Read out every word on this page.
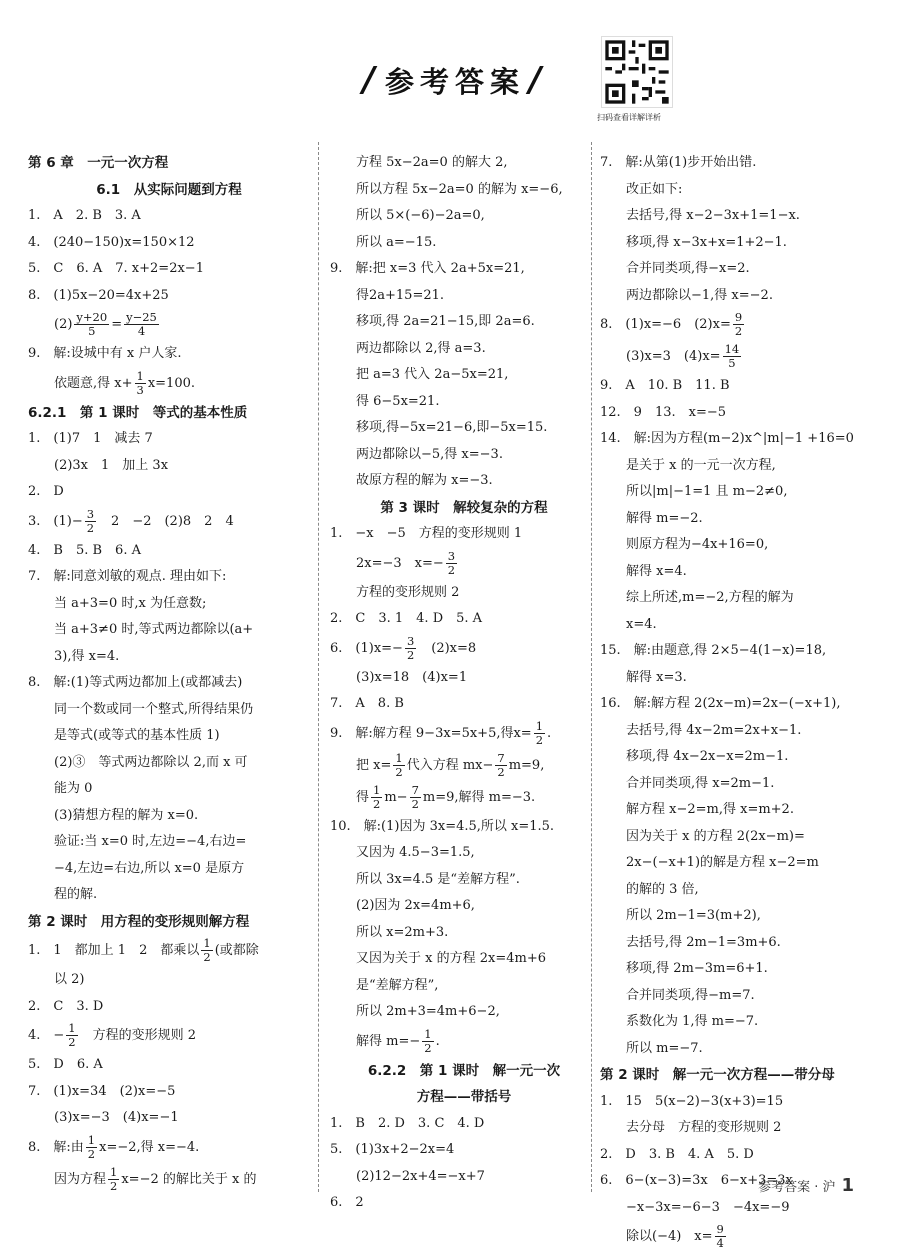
/ 参考答案 /
扫码查看详解详析
第 6 章　一元一次方程
6.1　从实际问题到方程
1.　A　2. B　3. A
4.　(240−150)x=150×12
5.　C　6. A　7. x+2=2x−1
8.　(1)5x−20=4x+25
　　$(2) \frac{y+20}{5} = \frac{y-25}{4}$
9.　解:设城中有 x 户人家.
　　依题意,得 $x+ \frac{1}{3} x=100$.
6.2.1　第 1 课时　等式的基本性质
1.　(1)7　1　减去 7
　　(2)3x　1　加上 3x
2.　D
3.　$(1)- \frac{3}{2}$ 　2　−2　(2)8　2　4
4.　B　5. B　6. A
7.　解:同意刘敏的观点. 理由如下:
　　当 a+3=0 时,x 为任意数;
　　当 a+3≠0 时,等式两边都除以(a+
　　3),得 x=4.
8.　解:(1)等式两边都加上(或都减去)
　　同一个数或同一个整式,所得结果仍
　　是等式(或等式的基本性质 1)
　　(2)③　等式两边都除以 2,而 x 可
　　能为 0
　　(3)猜想方程的解为 x=0.
　　验证:当 x=0 时,左边=−4,右边=
　　−4,左边=右边,所以 x=0 是原方
　　程的解.
第 2 课时　用方程的变形规则解方程
1.　1　都加上 1　2　都乘以 $\frac{1}{2}$ (或都除
　　以 2)
2.　C　3. D
4.　− $\frac{1}{2}$ 　方程的变形规则 2
5.　D　6. A
7.　(1)x=34　(2)x=−5
　　(3)x=−3　(4)x=−1
8.　解:由 $\frac{1}{2} x=-2$,得 x=−4.
　　因为方程 $\frac{1}{2} x=-2$ 的解比关于 x 的
　　方程 5x−2a=0 的解大 2,
　　所以方程 5x−2a=0 的解为 x=−6,
　　所以 5×(−6)−2a=0,
　　所以 a=−15.
9.　解:把 x=3 代入 2a+5x=21,
　　得2a+15=21.
　　移项,得 2a=21−15,即 2a=6.
　　两边都除以 2,得 a=3.
　　把 a=3 代入 2a−5x=21,
　　得 6−5x=21.
　　移项,得−5x=21−6,即−5x=15.
　　两边都除以−5,得 x=−3.
　　故原方程的解为 x=−3.
第 3 课时　解较复杂的方程
1.　−x　−5　方程的变形规则 1
　　2x=−3　$x=- \frac{3}{2}$
　　方程的变形规则 2
2.　C　3. 1　4. D　5. A
6.　$(1)x=- \frac{3}{2}$ 　(2)x=8
　　(3)x=18　(4)x=1
7.　A　8. B
9.　解:解方程 9−3x=5x+5,得$x= \frac{1}{2}$ .
　　把 $x= \frac{1}{2}$ 代入方程 $mx- \frac{7}{2} m=9$,
　　得 $\frac{1}{2} m- \frac{7}{2} m=9$,解得 m=−3.
10.　解:(1)因为 3x=4.5,所以 x=1.5.
　　又因为 4.5−3=1.5,
　　所以 3x=4.5 是“差解方程”.
　　(2)因为 2x=4m+6,
　　所以 x=2m+3.
　　又因为关于 x 的方程 2x=4m+6
　　是“差解方程”,
　　所以 2m+3=4m+6−2,
　　解得 $m=- \frac{1}{2}$ .
6.2.2　第 1 课时　解一元一次
方程——带括号
1.　B　2. D　3. C　4. D
5.　(1)3x+2−2x=4
　　(2)12−2x+4=−x+7
6.　2
7.　解:从第(1)步开始出错.
　　改正如下:
　　去括号,得 x−2−3x+1=1−x.
　　移项,得 x−3x+x=1+2−1.
　　合并同类项,得−x=2.
　　两边都除以−1,得 x=−2.
8.　(1)x=−6　$(2)x= \frac{9}{2}$
　　(3)x=3　$(4)x= \frac{14}{5}$
9.　A　10. B　11. B
12.　9　13.　x=−5
14.　解:因为方程(m−2)x^|m|−1 +16=0
　　是关于 x 的一元一次方程,
　　所以|m|−1=1 且 m−2≠0,
　　解得 m=−2.
　　则原方程为−4x+16=0,
　　解得 x=4.
　　综上所述,m=−2,方程的解为
　　x=4.
15.　解:由题意,得 2×5−4(1−x)=18,
　　解得 x=3.
16.　解:解方程 2(2x−m)=2x−(−x+1),
　　去括号,得 4x−2m=2x+x−1.
　　移项,得 4x−2x−x=2m−1.
　　合并同类项,得 x=2m−1.
　　解方程 x−2=m,得 x=m+2.
　　因为关于 x 的方程 2(2x−m)=
　　2x−(−x+1)的解是方程 x−2=m
　　的解的 3 倍,
　　所以 2m−1=3(m+2),
　　去括号,得 2m−1=3m+6.
　　移项,得 2m−3m=6+1.
　　合并同类项,得−m=7.
　　系数化为 1,得 m=−7.
　　所以 m=−7.
第 2 课时　解一元一次方程——带分母
1.　15　5(x−2)−3(x+3)=15
　　去分母　方程的变形规则 2
2.　D　3. B　4. A　5. D
6.　6−(x−3)=3x　6−x+3=3x
　　−x−3x=−6−3　−4x=−9
　　除以(−4)　$x= \frac{9}{4}$
参考答案 · 沪 1
